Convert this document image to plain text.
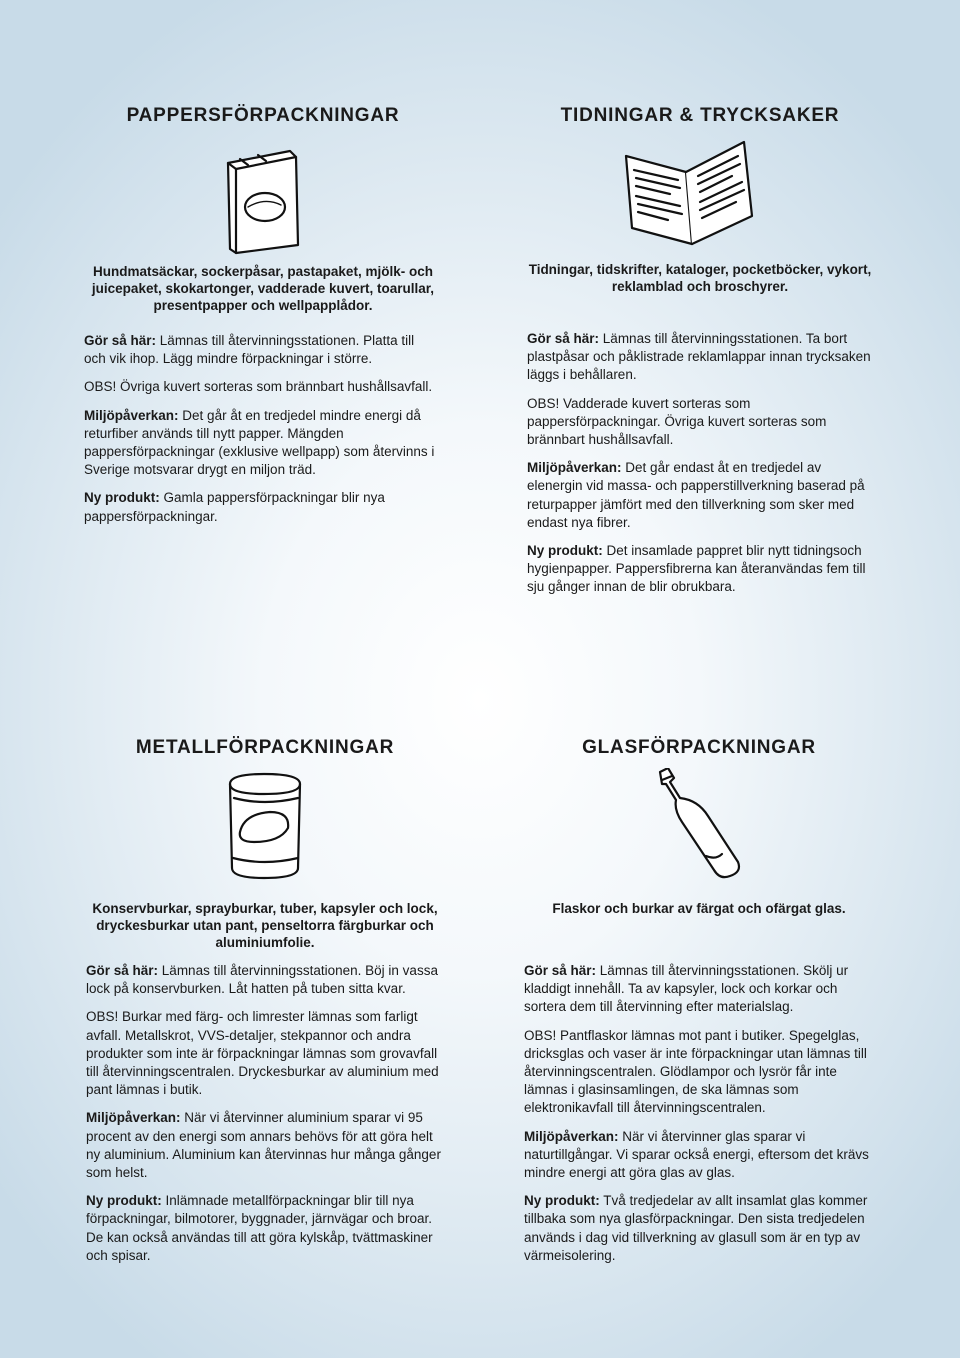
PAPPERSFÖRPACKNINGAR

Hundmatsäckar, sockerpåsar, pastapaket, mjölk- och juicepaket, skokartonger, vadderade kuvert, toarullar, presentpapper och wellpapplådor.

Gör så här: Lämnas till återvinningsstationen. Platta till och vik ihop. Lägg mindre förpackningar i större.

OBS! Övriga kuvert sorteras som brännbart hushållsavfall.

Miljöpåverkan: Det går åt en tredjedel mindre energi då returfiber används till nytt papper. Mängden pappersförpackningar (exklusive wellpapp) som återvinns i Sverige motsvarar drygt en miljon träd.

Ny produkt: Gamla pappersförpackningar blir nya pappersförpackningar.

TIDNINGAR & TRYCKSAKER

Tidningar, tidskrifter, kataloger, pocketböcker, vykort, reklamblad och broschyrer.

Gör så här: Lämnas till återvinningsstationen. Ta bort plastpåsar och påklistrade reklamlappar innan trycksaken läggs i behållaren.

OBS! Vadderade kuvert sorteras som pappersförpackningar. Övriga kuvert sorteras som brännbart hushållsavfall.

Miljöpåverkan: Det går endast åt en tredjedel av elenergin vid massa- och papperstillverkning baserad på returpapper jämfört med den tillverkning som sker med endast nya fibrer.

Ny produkt: Det insamlade pappret blir nytt tidningsoch hygienpapper. Pappersfibrerna kan återanvändas fem till sju gånger innan de blir obrukbara.

METALLFÖRPACKNINGAR

Konservburkar, sprayburkar, tuber, kapsyler och lock, dryckesburkar utan pant, penseltorra färgburkar och aluminiumfolie.

Gör så här: Lämnas till återvinningsstationen. Böj in vassa lock på konservburken. Låt hatten på tuben sitta kvar.

OBS! Burkar med färg- och limrester lämnas som farligt avfall. Metallskrot, VVS-detaljer, stekpannor och andra produkter som inte är förpackningar lämnas som grovavfall till återvinningscentralen. Dryckesburkar av aluminium med pant lämnas i butik.

Miljöpåverkan: När vi återvinner aluminium sparar vi 95 procent av den energi som annars behövs för att göra helt ny aluminium. Aluminium kan återvinnas hur många gånger som helst.

Ny produkt: Inlämnade metallförpackningar blir till nya förpackningar, bilmotorer, byggnader, järnvägar och broar. De kan också användas till att göra kylskåp, tvättmaskiner och spisar.

GLASFÖRPACKNINGAR

Flaskor och burkar av färgat och ofärgat glas.

Gör så här: Lämnas till återvinningsstationen. Skölj ur kladdigt innehåll. Ta av kapsyler, lock och korkar och sortera dem till återvinning efter materialslag.

OBS! Pantflaskor lämnas mot pant i butiker. Spegelglas, dricksglas och vaser är inte förpackningar utan lämnas till återvinningscentralen. Glödlampor och lysrör får inte lämnas i glasinsamlingen, de ska lämnas som elektronikavfall till återvinningscentralen.

Miljöpåverkan: När vi återvinner glas sparar vi naturtillgångar. Vi sparar också energi, eftersom det krävs mindre energi att göra glas av glas.

Ny produkt: Två tredjedelar av allt insamlat glas kommer tillbaka som nya glasförpackningar. Den sista tredjedelen används i dag vid tillverkning av glasull som är en typ av värmeisolering.
